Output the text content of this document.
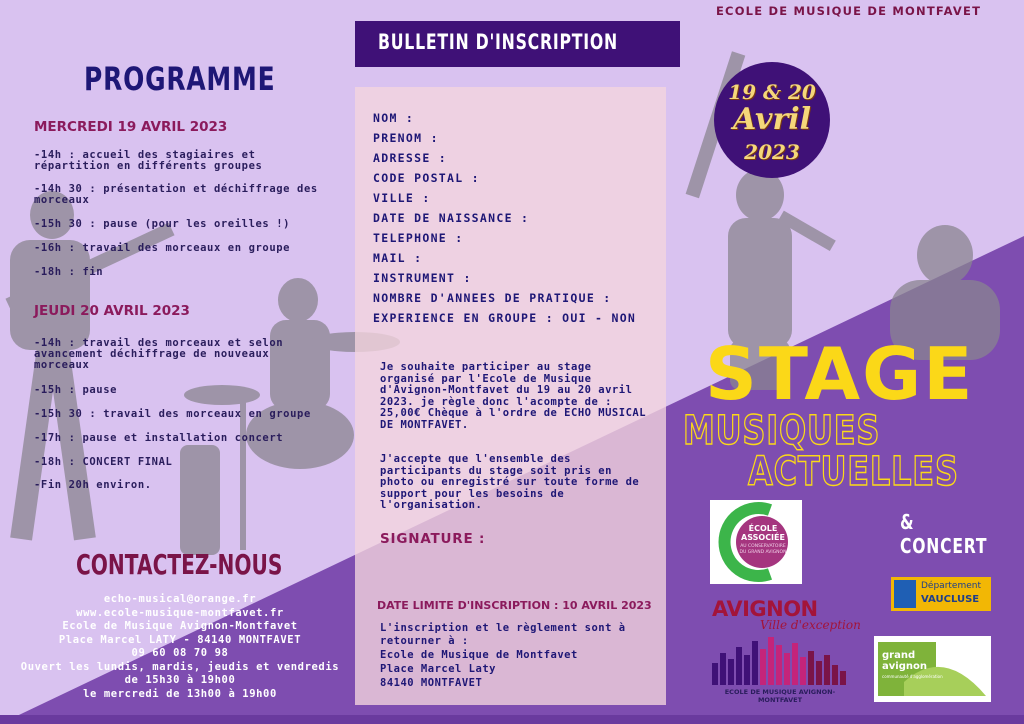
ECOLE DE MUSIQUE DE MONTFAVET
PROGRAMME
MERCREDI 19 AVRIL 2023
-14h : accueil des stagiaires et répartition en différents groupes
-14h 30 : présentation et déchiffrage des morceaux
-15h 30 : pause (pour les oreilles !)
-16h : travail des morceaux en groupe
-18h : fin
JEUDI 20 AVRIL 2023
-14h : travail des morceaux et selon avancement déchiffrage de nouveaux morceaux
-15h : pause
-15h 30 : travail des morceaux en groupe
-17h : pause et installation concert
-18h : CONCERT FINAL
-Fin 20h environ.
CONTACTEZ-NOUS
echo-musical@orange.fr
www.ecole-musique-montfavet.fr
Ecole de Musique Avignon-Montfavet
Place Marcel LATY - 84140 MONTFAVET
09 60 08 70 98
Ouvert les lundis, mardis, jeudis et vendredis
de 15h30 à 19h00
le mercredi de 13h00 à 19h00
BULLETIN D'INSCRIPTION
NOM :
PRENOM :
ADRESSE :
CODE POSTAL :
VILLE :
DATE DE NAISSANCE :
TELEPHONE :
MAIL :
INSTRUMENT :
NOMBRE D'ANNEES DE PRATIQUE :
EXPERIENCE EN GROUPE : OUI - NON
Je souhaite participer au stage organisé par l'Ecole de Musique d'Avignon-Montfavet du 19 au 20 avril 2023. je règle donc l'acompte de : 25,00€ Chèque à l'ordre de ECHO MUSICAL DE MONTFAVET.
J'accepte que l'ensemble des participants du stage soit pris en photo ou enregistré sur toute forme de support pour les besoins de l'organisation.
SIGNATURE :
DATE LIMITE D'INSCRIPTION : 10 AVRIL 2023
L'inscription et le règlement sont à
retourner à :
Ecole de Musique de Montfavet
Place Marcel Laty
84140 MONTFAVET
19 & 20
Avril
2023
STAGE
MUSIQUES
ACTUELLES
& CONCERT
ÉCOLE
ASSOCIÉE
AU CONSERVATOIRE
DU GRAND AVIGNON
AVIGNON
Ville d'exception
ECOLE DE MUSIQUE AVIGNON-MONTFAVET
Département
VAUCLUSE
grand
avignon
communauté d'agglomération
